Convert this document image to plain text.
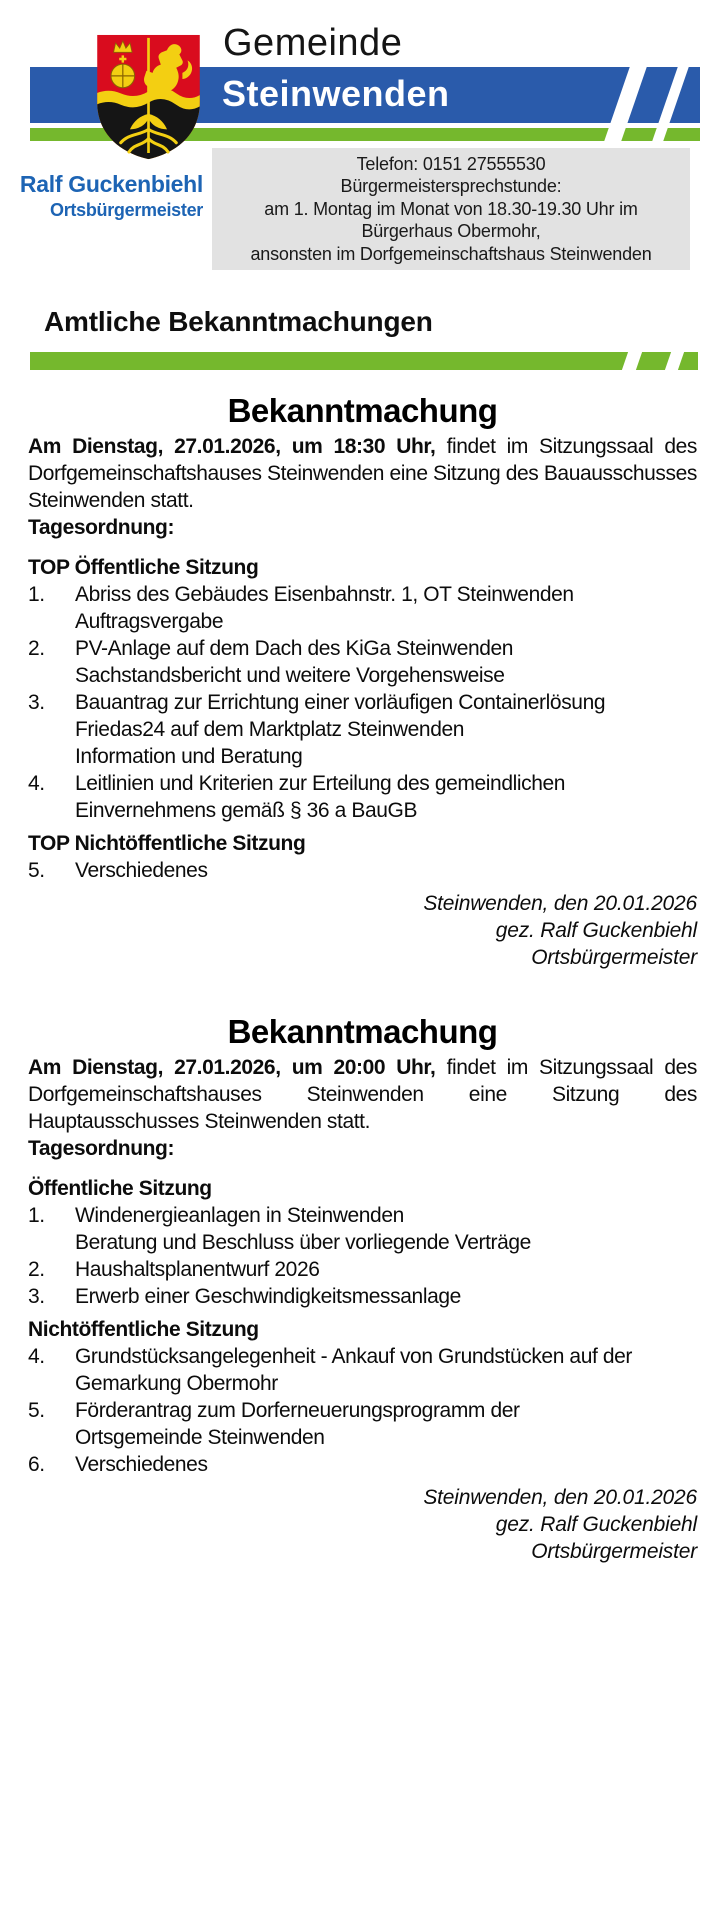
Gemeinde
Steinwenden
Ralf Guckenbiehl
Ortsbürgermeister
Telefon: 0151 27555530
Bürgermeistersprechstunde:
am 1. Montag im Monat von 18.30-19.30 Uhr im
Bürgerhaus Obermohr,
ansonsten im Dorfgemeinschaftshaus Steinwenden
Amtliche Bekanntmachungen
Bekanntmachung

Am Dienstag, 27.01.2026, um 18:30 Uhr, findet im Sitzungssaal des Dorfgemeinschaftshauses Steinwenden eine Sitzung des Bauausschusses Steinwenden statt.

Tagesordnung:
TOP Öffentliche Sitzung
1.	Abriss des Gebäudes Eisenbahnstr. 1, OT Steinwenden
Auftragsvergabe
2.	PV-Anlage auf dem Dach des KiGa Steinwenden
Sachstandsbericht und weitere Vorgehensweise
3.	Bauantrag zur Errichtung einer vorläufigen Containerlösung
Friedas24 auf dem Marktplatz Steinwenden
Information und Beratung
4.	Leitlinien und Kriterien zur Erteilung des gemeindlichen
Einvernehmens gemäß § 36 a BauGB
TOP Nichtöffentliche Sitzung
5.	Verschiedenes
Steinwenden, den 20.01.2026
gez. Ralf Guckenbiehl
Ortsbürgermeister
Bekanntmachung

Am Dienstag, 27.01.2026, um 20:00 Uhr, findet im Sitzungssaal des Dorfgemeinschaftshauses Steinwenden eine Sitzung des Hauptausschusses Steinwenden statt.

Tagesordnung:
Öffentliche Sitzung
1.	Windenergieanlagen in Steinwenden
Beratung und Beschluss über vorliegende Verträge
2.	Haushaltsplanentwurf 2026
3.	Erwerb einer Geschwindigkeitsmessanlage
Nichtöffentliche Sitzung
4.	Grundstücksangelegenheit - Ankauf von Grundstücken auf der
Gemarkung Obermohr
5.	Förderantrag zum Dorferneuerungsprogramm der
Ortsgemeinde Steinwenden
6.	Verschiedenes
Steinwenden, den 20.01.2026
gez. Ralf Guckenbiehl
Ortsbürgermeister
